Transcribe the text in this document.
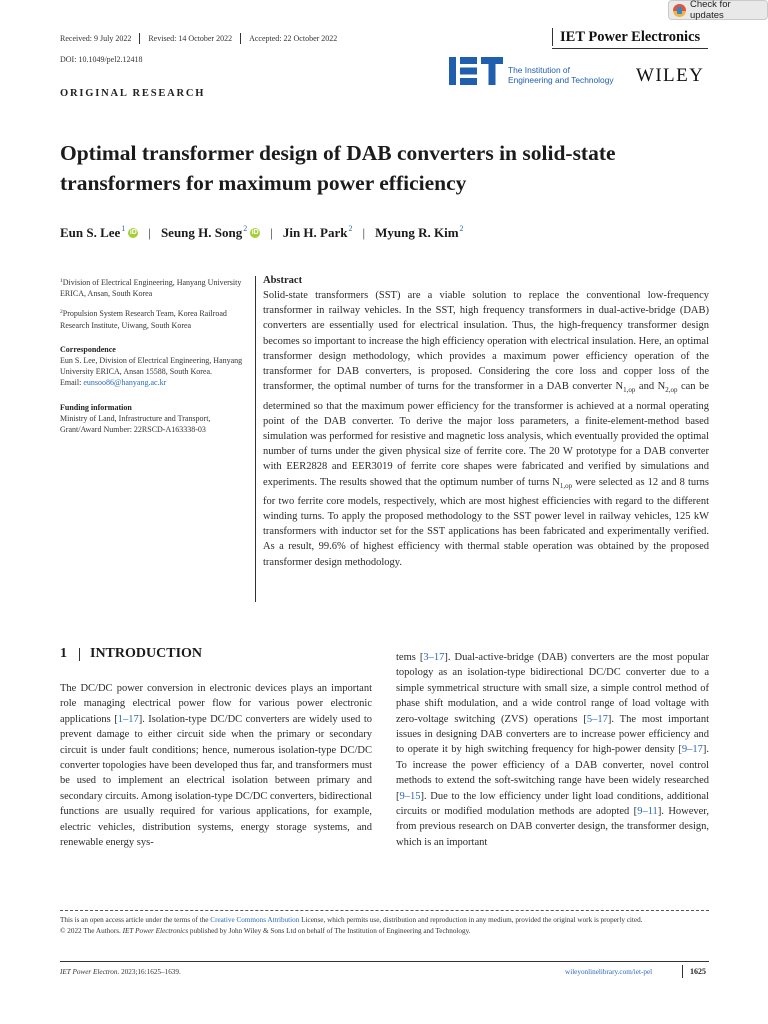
Check for updates
Received: 9 July 2022	Revised: 14 October 2022	Accepted: 22 October 2022	IET Power Electronics
DOI: 10.1049/pel2.12418
The Institution of
Engineering and Technology WILEY
ORIGINAL RESEARCH
Optimal transformer design of DAB converters in solid-state transformers for maximum power efficiency
Eun S. Lee$^1$ iD | Seung H. Song$^2$ iD | Jin H. Park$^2$ | Myung R. Kim$^2$

$^1$Division of Electrical Engineering, Hanyang University ERICA, Ansan, South Korea

$^2$Propulsion System Research Team, Korea Railroad Research Institute, Uiwang, South Korea

Correspondence

Eun S. Lee, Division of Electrical Engineering, Hanyang University ERICA, Ansan 15588, South Korea.

Email: eunsoo86@hanyang.ac.kr

Funding information

Ministry of Land, Infrastructure and Transport, Grant/Award Number: 22RSCD-A163338-03

Abstract
Solid-state transformers (SST) are a viable solution to replace the conventional low-frequency transformer in railway vehicles. In the SST, high frequency transformers in dual-active-bridge (DAB) converters are essentially used for electrical insulation. Thus, the high-frequency transformer design becomes so important to increase the high efficiency operation with electrical insulation. Here, an optimal transformer design methodology, which provides a maximum power efficiency operation of the transformer for DAB converters, is proposed. Considering the core loss and copper loss of the transformer, the optimal number of turns for the transformer in a DAB converter $N_{1,op}$ and $N_{2,op}$ can be determined so that the maximum power efficiency for the transformer is achieved at a normal operating point of the DAB converter. To derive the major loss parameters, a finite-element-method based simulation was performed for resistive and magnetic loss analysis, which eventually provided the optimal number of turns under the given physical size of ferrite core. The 20 W prototype for a DAB converter with EER2828 and EER3019 of ferrite core shapes were fabricated and verified by simulations and experiments. The results showed that the optimum number of turns $N_{1,op}$ were selected as 12 and 8 turns for two ferrite core models, respectively, which are most highest efficiencies with regard to the different winding turns. To apply the proposed methodology to the SST power level in railway vehicles, 125 kW transformers with inductor set for the SST applications has been fabricated and experimentally verified. As a result, 99.6% of highest efficiency with thermal stable operation was obtained by the proposed transformer design methodology.
1 INTRODUCTION
The DC/DC power conversion in electronic devices plays an important role managing electrical power flow for various power electronic applications [1–17]. Isolation-type DC/DC converters are widely used to prevent damage to either circuit side when the primary or secondary circuit is under fault conditions; hence, numerous isolation-type DC/DC converter topologies have been developed thus far, and transformers must be used to implement an electrical isolation between primary and secondary circuits. Among isolation-type DC/DC converters, bidirectional functions are usually required for various applications, for example, electric vehicles, distribution systems, energy storage systems, and renewable energy sys-
tems [3–17]. Dual-active-bridge (DAB) converters are the most popular topology as an isolation-type bidirectional DC/DC converter due to a simple symmetrical structure with small size, a simple control method of phase shift modulation, and a wide control range of load voltage with zero-voltage switching (ZVS) operations [5–17]. The most important issues in designing DAB converters are to increase power efficiency and to operate it by high switching frequency for high-power density [9–17]. To increase the power efficiency of a DAB converter, novel control methods to extend the soft-switching range have been widely researched [9–15]. Due to the low efficiency under light load conditions, additional circuits or modified modulation methods are adopted [9–11]. However, from previous research on DAB converter design, the transformer design, which is an important
This is an open access article under the terms of the Creative Commons Attribution License, which permits use, distribution and reproduction in any medium, provided the original work is properly cited.
© 2022 The Authors. IET Power Electronics published by John Wiley & Sons Ltd on behalf of The Institution of Engineering and Technology.
IET Power Electron. 2023;16:1625–1639.	wileyonlinelibrary.com/iet-pel	1625
